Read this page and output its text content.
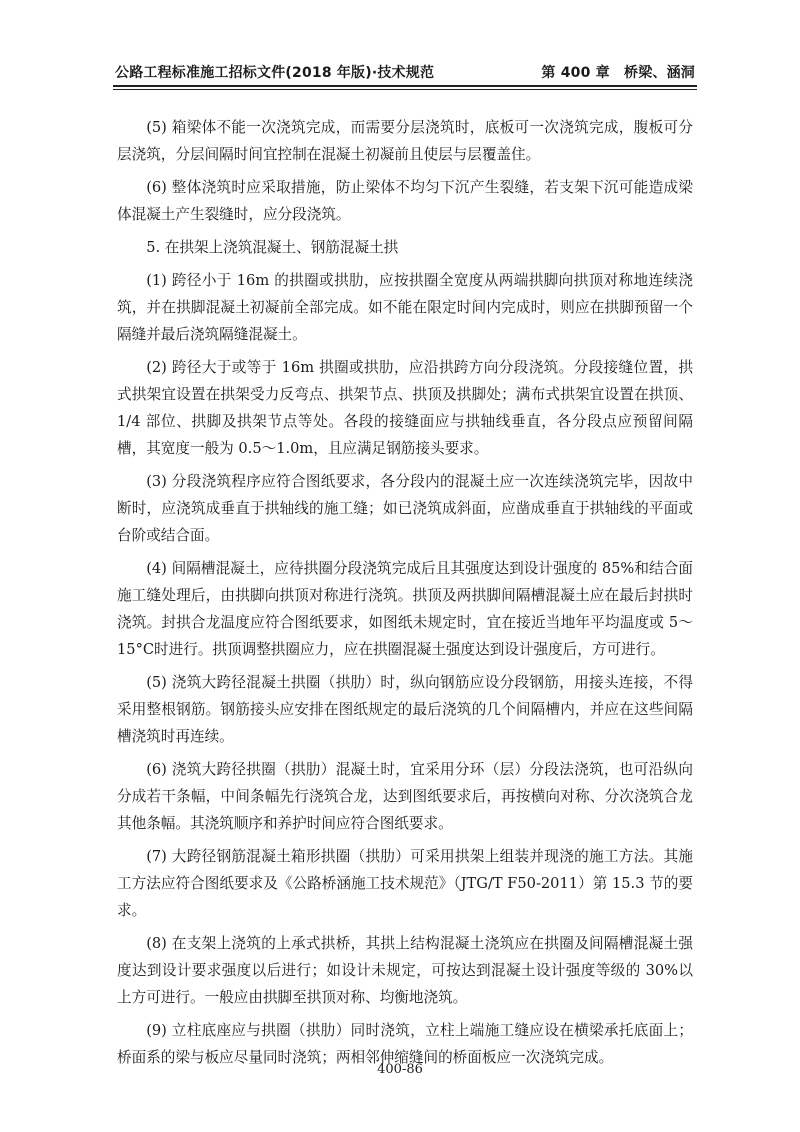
公路工程标准施工招标文件(2018 年版)·技术规范	第 400 章　桥梁、涵洞

(5) 箱梁体不能一次浇筑完成，而需要分层浇筑时，底板可一次浇筑完成，腹板可分层浇筑，分层间隔时间宜控制在混凝土初凝前且使层与层覆盖住。

(6) 整体浇筑时应采取措施，防止梁体不均匀下沉产生裂缝，若支架下沉可能造成梁体混凝土产生裂缝时，应分段浇筑。

5. 在拱架上浇筑混凝土、钢筋混凝土拱

(1) 跨径小于 16m 的拱圈或拱肋，应按拱圈全宽度从两端拱脚向拱顶对称地连续浇筑，并在拱脚混凝土初凝前全部完成。如不能在限定时间内完成时，则应在拱脚预留一个隔缝并最后浇筑隔缝混凝土。

(2) 跨径大于或等于 16m 拱圈或拱肋，应沿拱跨方向分段浇筑。分段接缝位置，拱式拱架宜设置在拱架受力反弯点、拱架节点、拱顶及拱脚处；满布式拱架宜设置在拱顶、1/4 部位、拱脚及拱架节点等处。各段的接缝面应与拱轴线垂直，各分段点应预留间隔槽，其宽度一般为 0.5～1.0m，且应满足钢筋接头要求。

(3) 分段浇筑程序应符合图纸要求，各分段内的混凝土应一次连续浇筑完毕，因故中断时，应浇筑成垂直于拱轴线的施工缝；如已浇筑成斜面，应凿成垂直于拱轴线的平面或台阶或结合面。

(4) 间隔槽混凝土，应待拱圈分段浇筑完成后且其强度达到设计强度的 85%和结合面施工缝处理后，由拱脚向拱顶对称进行浇筑。拱顶及两拱脚间隔槽混凝土应在最后封拱时浇筑。封拱合龙温度应符合图纸要求，如图纸未规定时，宜在接近当地年平均温度或 5～15°C时进行。拱顶调整拱圈应力，应在拱圈混凝土强度达到设计强度后，方可进行。

(5) 浇筑大跨径混凝土拱圈（拱肋）时，纵向钢筋应设分段钢筋，用接头连接，不得采用整根钢筋。钢筋接头应安排在图纸规定的最后浇筑的几个间隔槽内，并应在这些间隔槽浇筑时再连续。

(6) 浇筑大跨径拱圈（拱肋）混凝土时，宜采用分环（层）分段法浇筑，也可沿纵向分成若干条幅，中间条幅先行浇筑合龙，达到图纸要求后，再按横向对称、分次浇筑合龙其他条幅。其浇筑顺序和养护时间应符合图纸要求。

(7) 大跨径钢筋混凝土箱形拱圈（拱肋）可采用拱架上组装并现浇的施工方法。其施工方法应符合图纸要求及《公路桥涵施工技术规范》（JTG/T F50-2011）第 15.3 节的要求。

(8) 在支架上浇筑的上承式拱桥，其拱上结构混凝土浇筑应在拱圈及间隔槽混凝土强度达到设计要求强度以后进行；如设计未规定，可按达到混凝土设计强度等级的 30%以上方可进行。一般应由拱脚至拱顶对称、均衡地浇筑。

(9) 立柱底座应与拱圈（拱肋）同时浇筑，立柱上端施工缝应设在横梁承托底面上；桥面系的梁与板应尽量同时浇筑；两相邻伸缩缝间的桥面板应一次浇筑完成。

400-86
